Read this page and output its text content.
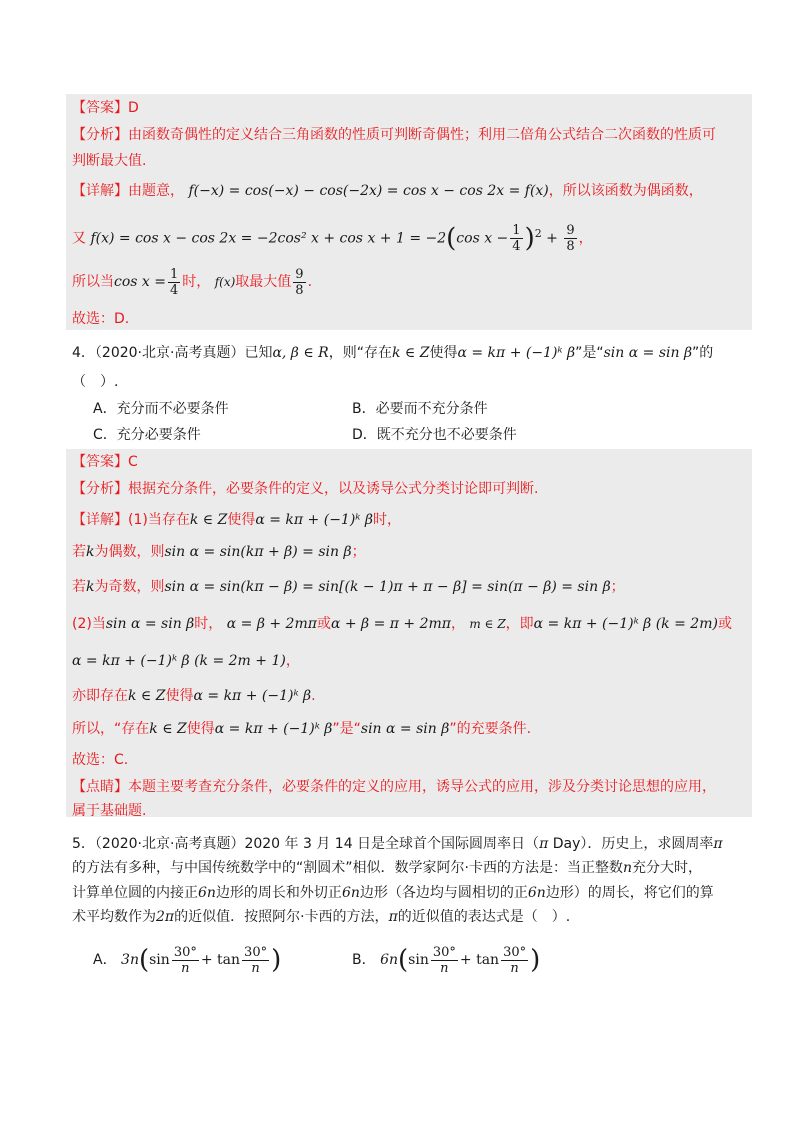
【答案】D
【分析】由函数奇偶性的定义结合三角函数的性质可判断奇偶性；利用二倍角公式结合二次函数的性质可
判断最大值.
【详解】由题意， f(−x) = cos(−x) − cos(−2x) = cos x − cos 2x = f(x)，所以该函数为偶函数，
又 f(x) = cos x − cos 2x = −2cos² x + cos x + 1 = −2(cos $x - \frac{1}{4} )^2 + \frac{9}{8}$ ，
所以当$\cos x = \frac{1}{4}$ 时， f(x)取最大值 $\frac{9}{8}$ .
故选：D.
4．（2020·北京·高考真题）已知α, β ∈ R，则“存在k ∈ Z使得α = kπ + (−1)ᵏ β”是“sin α = sin β”的
（　）.
A．充分而不必要条件	B．必要而不充分条件
C．充分必要条件	D．既不充分也不必要条件
【答案】C
【分析】根据充分条件，必要条件的定义，以及诱导公式分类讨论即可判断.
【详解】(1)当存在k ∈ Z使得α = kπ + (−1)ᵏ β时，
若k为偶数，则sin α = sin(kπ + β) = sin β；
若k为奇数，则sin α = sin(kπ − β) = sin[(k − 1)π + π − β] = sin(π − β) = sin β；
(2)当sin α = sin β时， α = β + 2mπ或α + β = π + 2mπ， m ∈ Z，即α = kπ + (−1)ᵏ β (k = 2m)或
α = kπ + (−1)ᵏ β (k = 2m + 1)，
亦即存在k ∈ Z使得α = kπ + (−1)ᵏ β.
所以，“存在k ∈ Z使得α = kπ + (−1)ᵏ β”是“sin α = sin β”的充要条件.
故选：C.
【点睛】本题主要考查充分条件，必要条件的定义的应用，诱导公式的应用，涉及分类讨论思想的应用，
属于基础题.
5．（2020·北京·高考真题）2020 年 3 月 14 日是全球首个国际圆周率日（π Day）．历史上，求圆周率π
的方法有多种，与中国传统数学中的“割圆术”相似．数学家阿尔·卡西的方法是：当正整数n充分大时，
计算单位圆的内接正6n边形的周长和外切正6n边形（各边均与圆相切的正6n边形）的周长，将它们的算
术平均数作为2π的近似值．按照阿尔·卡西的方法，π的近似值的表达式是（　）.
A． $3n(\sin \frac{30^\circ}{n} + \tan \frac{30^\circ}{n}$ )	B． $6n(\sin \frac{30^\circ}{n} + \tan \frac{30^\circ}{n}$ )
